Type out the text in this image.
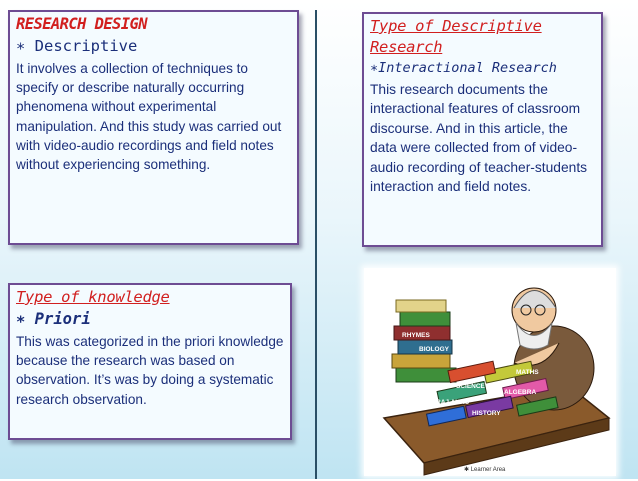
RESEARCH DESIGN
∗ Descriptive
It involves a collection of techniques to specify or describe naturally occurring phenomena without experimental manipulation. And this study was carried out with video-audio recordings and field notes without experiencing something.
Type of Descriptive
Research
∗Interactional Research
This research documents the interactional features of classroom discourse. And in this article, the data were collected from of video-audio recording of teacher-students interaction and field notes.
Type of knowledge
∗ Priori
This was categorized in the priori knowledge because the research was based on observation. It’s was by doing a systematic research observation.
BIOLOGY
HISTORY
SCIENCE
MATHS
RHYMES
RAJ AURU
ALGEBRA
✱ Learner Area
